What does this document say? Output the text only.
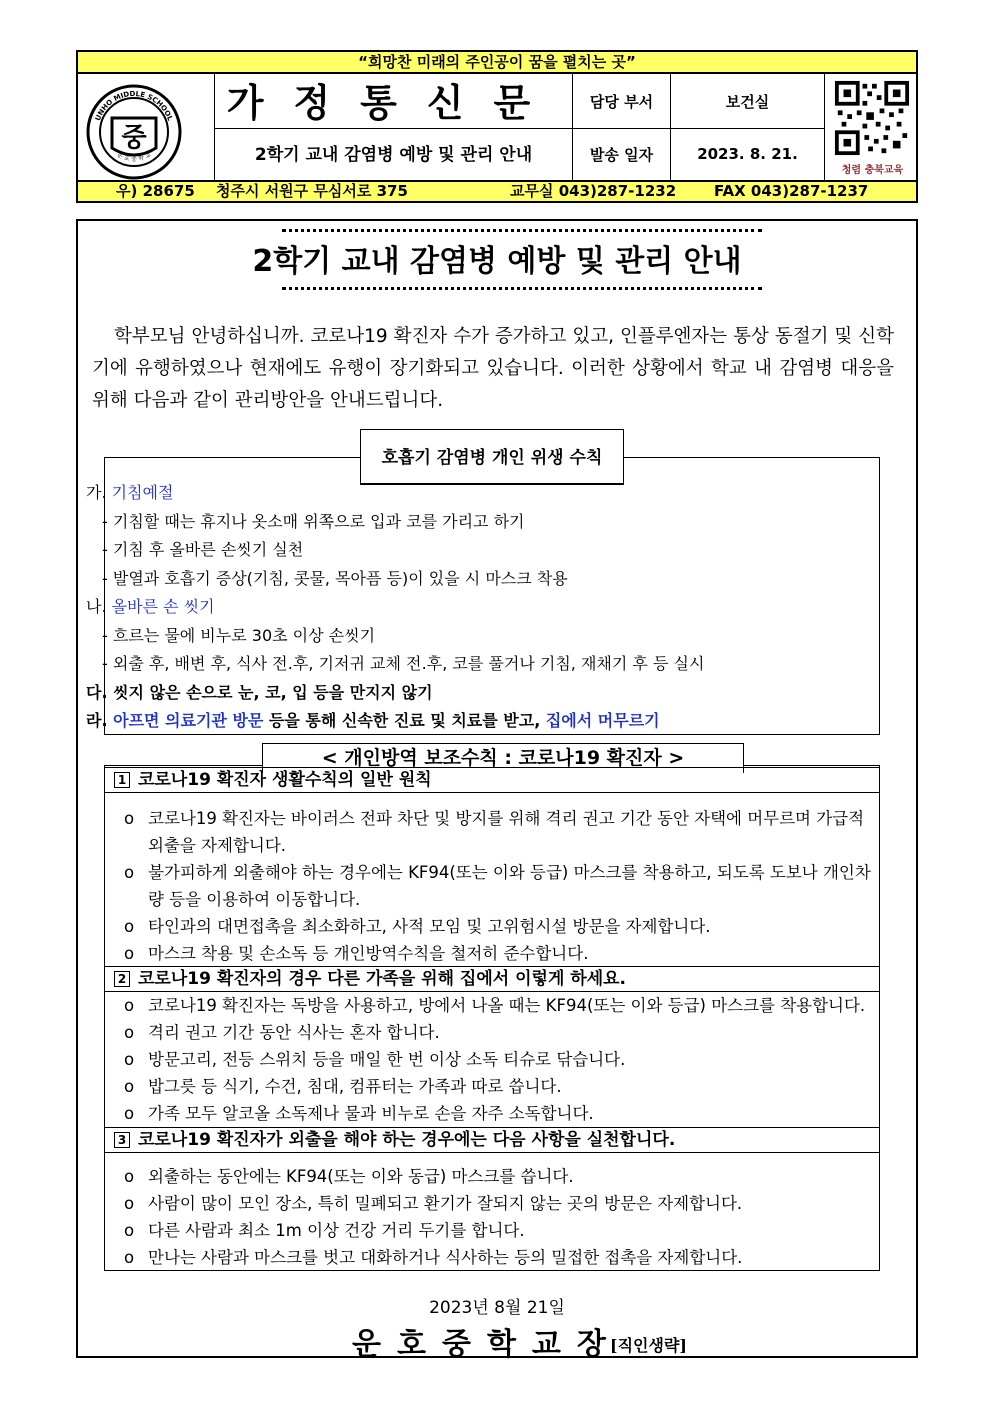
“희망찬 미래의 주인공이 꿈을 펼치는 곳”
중
UNHO MIDDLE SCHOOL
운 호 중 학 교
가정통신문
2학기 교내 감염병 예방 및 관리 안내
담당 부서	보건실
발송 일자	2023. 8. 21.
청렴 충북교육
우) 28675 청주시 서원구 무심서로 375	교무실 043)287-1232	FAX 043)287-1237
2학기 교내 감염병 예방 및 관리 안내
학부모님 안녕하십니까. 코로나19 확진자 수가 증가하고 있고, 인플루엔자는 통상 동절기 및 신학기에 유행하였으나 현재에도 유행이 장기화되고 있습니다. 이러한 상황에서 학교 내 감염병 대응을 위해 다음과 같이 관리방안을 안내드립니다.
호흡기 감염병 개인 위생 수칙
가. 기침예절
- 기침할 때는 휴지나 옷소매 위쪽으로 입과 코를 가리고 하기
- 기침 후 올바른 손씻기 실천
- 발열과 호흡기 증상(기침, 콧물, 목아픔 등)이 있을 시 마스크 착용
나. 올바른 손 씻기
- 흐르는 물에 비누로 30초 이상 손씻기
- 외출 후, 배변 후, 식사 전․후, 기저귀 교체 전․후, 코를 풀거나 기침, 재채기 후 등 실시
다. 씻지 않은 손으로 눈, 코, 입 등을 만지지 않기
라. 아프면 의료기관 방문 등을 통해 신속한 진료 및 치료를 받고, 집에서 머무르기
< 개인방역 보조수칙 : 코로나19 확진자 >
1 코로나19 확진자 생활수칙의 일반 원칙
o 코로나19 확진자는 바이러스 전파 차단 및 방지를 위해 격리 권고 기간 동안 자택에 머무르며 가급적 외출을 자제합니다.
o 불가피하게 외출해야 하는 경우에는 KF94(또는 이와 등급) 마스크를 착용하고, 되도록 도보나 개인차량 등을 이용하여 이동합니다.
o 타인과의 대면접촉을 최소화하고, 사적 모임 및 고위험시설 방문을 자제합니다.
o 마스크 착용 및 손소독 등 개인방역수칙을 철저히 준수합니다.
2 코로나19 확진자의 경우 다른 가족을 위해 집에서 이렇게 하세요.
o 코로나19 확진자는 독방을 사용하고, 방에서 나올 때는 KF94(또는 이와 등급) 마스크를 착용합니다.
o 격리 권고 기간 동안 식사는 혼자 합니다.
o 방문고리, 전등 스위치 등을 매일 한 번 이상 소독 티슈로 닦습니다.
o 밥그릇 등 식기, 수건, 침대, 컴퓨터는 가족과 따로 씁니다.
o 가족 모두 알코올 소독제나 물과 비누로 손을 자주 소독합니다.
3 코로나19 확진자가 외출을 해야 하는 경우에는 다음 사항을 실천합니다.
o 외출하는 동안에는 KF94(또는 이와 동급) 마스크를 씁니다.
o 사람이 많이 모인 장소, 특히 밀폐되고 환기가 잘되지 않는 곳의 방문은 자제합니다.
o 다른 사람과 최소 1m 이상 건강 거리 두기를 합니다.
o 만나는 사람과 마스크를 벗고 대화하거나 식사하는 등의 밀접한 접촉을 자제합니다.
2023년 8월 21일
운호중학교장
[직인생략]
